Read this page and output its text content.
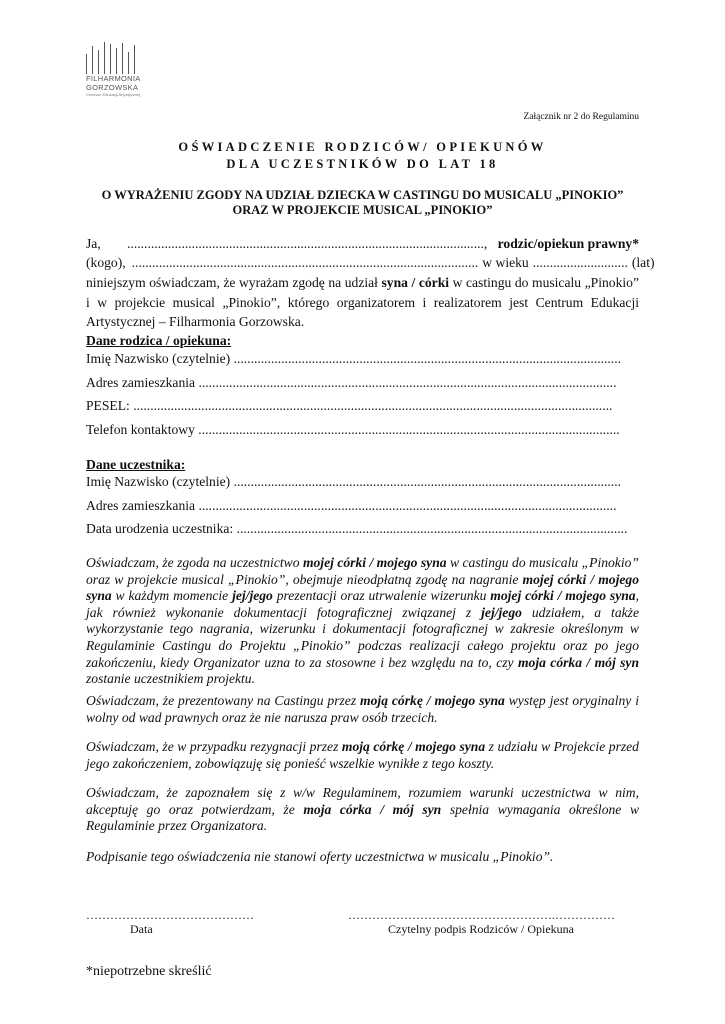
FILHARMONIA
GORZOWSKA
Centrum Edukacji Artystycznej
Załącznik nr 2 do Regulaminu
OŚWIADCZENIE RODZICÓW/ OPIEKUNÓW
DLA UCZESTNIKÓW DO LAT 18
O WYRAŻENIU ZGODY NA UDZIAŁ DZIECKA W CASTINGU DO MUSICALU „PINOKIO”
ORAZ W PROJEKCIE MUSICAL „PINOKIO”
Ja, ........................................................................................................., rodzic/opiekun prawny*
(kogo), ...................................................................................................... w wieku ............................ (lat)
niniejszym oświadczam, że wyrażam zgodę na udział syna / córki w castingu do musicalu „Pinokio” i w projekcie musical „Pinokio”, którego organizatorem i realizatorem jest Centrum Edukacji Artystycznej – Filharmonia Gorzowska.
Dane rodzica / opiekuna:
Imię Nazwisko (czytelnie) ..................................................................................................................
Adres zamieszkania ...........................................................................................................................
PESEL: .............................................................................................................................................
Telefon kontaktowy ............................................................................................................................
Dane uczestnika:
Imię Nazwisko (czytelnie) ..................................................................................................................
Adres zamieszkania ...........................................................................................................................
Data urodzenia uczestnika: ...................................................................................................................
Oświadczam, że zgoda na uczestnictwo mojej córki / mojego syna w castingu do musicalu „Pinokio” oraz w projekcie musical „Pinokio”, obejmuje nieodpłatną zgodę na nagranie mojej córki / mojego syna w każdym momencie jej/jego prezentacji oraz utrwalenie wizerunku mojej córki / mojego syna, jak również wykonanie dokumentacji fotograficznej związanej z jej/jego udziałem, a także wykorzystanie tego nagrania, wizerunku i dokumentacji fotograficznej w zakresie określonym w Regulaminie Castingu do Projektu „Pinokio” podczas realizacji całego projektu oraz po jego zakończeniu, kiedy Organizator uzna to za stosowne i bez względu na to, czy moja córka / mój syn zostanie uczestnikiem projektu.
Oświadczam, że prezentowany na Castingu przez moją córkę / mojego syna występ jest oryginalny i wolny od wad prawnych oraz że nie narusza praw osób trzecich.
Oświadczam, że w przypadku rezygnacji przez moją córkę / mojego syna z udziału w Projekcie przed jego zakończeniem, zobowiązuję się ponieść wszelkie wynikłe z tego koszty.
Oświadczam, że zapoznałem się z w/w Regulaminem, rozumiem warunki uczestnictwa w nim, akceptuję go oraz potwierdzam, że moja córka / mój syn spełnia wymagania określone w Regulaminie przez Organizatora.
Podpisanie tego oświadczenia nie stanowi oferty uczestnictwa w musicalu „Pinokio”.
……………………………………
Data
…………………………………………….……………
Czytelny podpis Rodziców / Opiekuna
*niepotrzebne skreślić
